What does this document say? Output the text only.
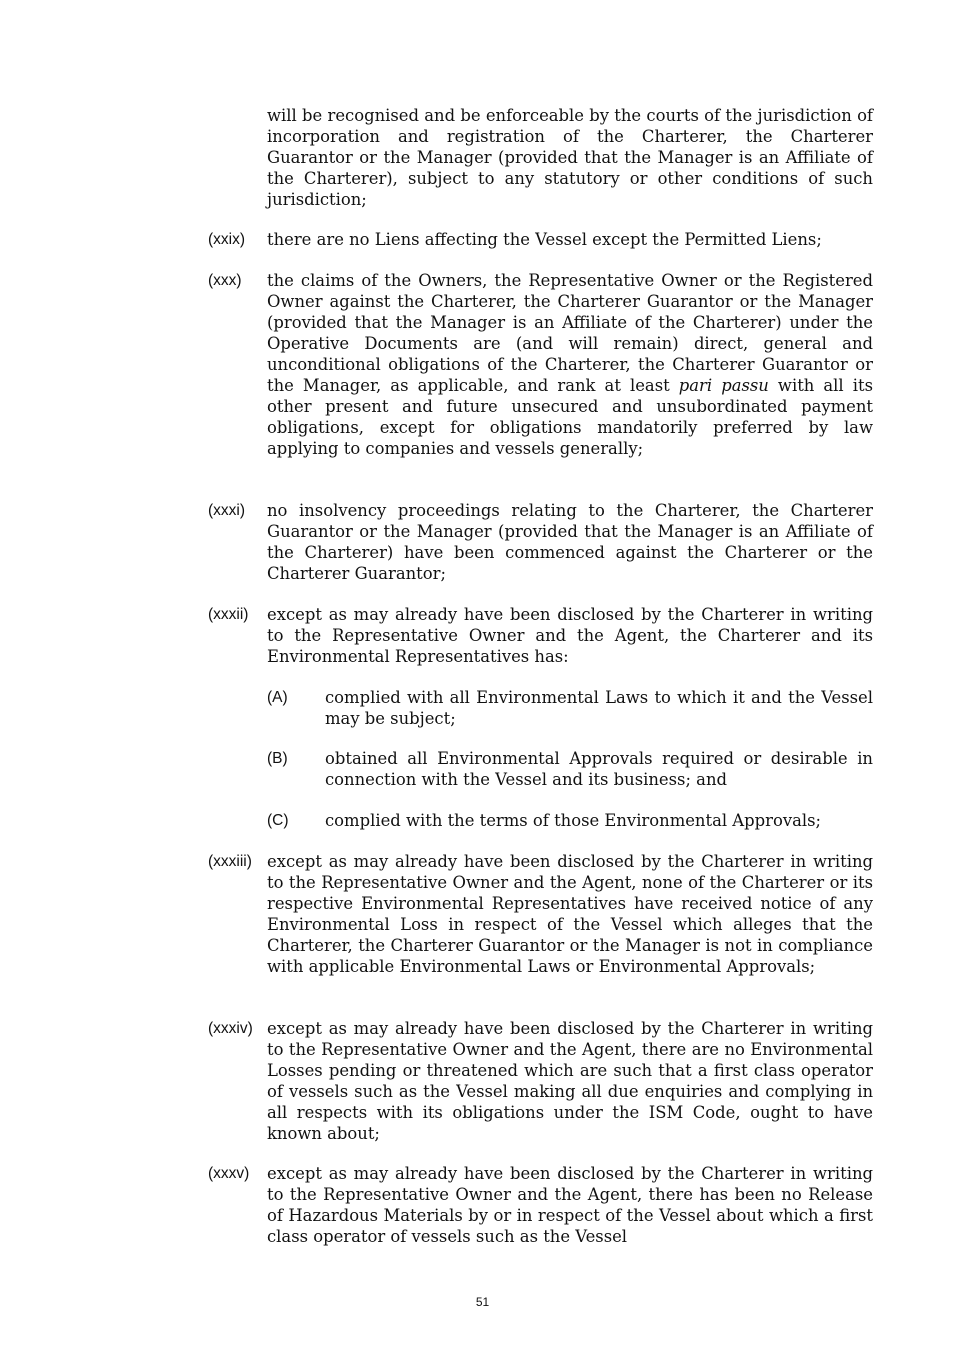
will be recognised and be enforceable by the courts of the jurisdiction of incorporation and registration of the Charterer, the Charterer Guarantor or the Manager (provided that the Manager is an Affiliate of the Charterer), subject to any statutory or other conditions of such jurisdiction;
(xxix) there are no Liens affecting the Vessel except the Permitted Liens;
(xxx) the claims of the Owners, the Representative Owner or the Registered Owner against the Charterer, the Charterer Guarantor or the Manager (provided that the Manager is an Affiliate of the Charterer) under the Operative Documents are (and will remain) direct, general and unconditional obligations of the Charterer, the Charterer Guarantor or the Manager, as applicable, and rank at least pari passu with all its other present and future unsecured and unsubordinated payment obligations, except for obligations mandatorily preferred by law applying to companies and vessels generally;
(xxxi) no insolvency proceedings relating to the Charterer, the Charterer Guarantor or the Manager (provided that the Manager is an Affiliate of the Charterer) have been commenced against the Charterer or the Charterer Guarantor;
(xxxii) except as may already have been disclosed by the Charterer in writing to the Representative Owner and the Agent, the Charterer and its Environmental Representatives has:
(A) complied with all Environmental Laws to which it and the Vessel may be subject;
(B) obtained all Environmental Approvals required or desirable in connection with the Vessel and its business; and
(C) complied with the terms of those Environmental Approvals;
(xxxiii) except as may already have been disclosed by the Charterer in writing to the Representative Owner and the Agent, none of the Charterer or its respective Environmental Representatives have received notice of any Environmental Loss in respect of the Vessel which alleges that the Charterer, the Charterer Guarantor or the Manager is not in compliance with applicable Environmental Laws or Environmental Approvals;
(xxxiv) except as may already have been disclosed by the Charterer in writing to the Representative Owner and the Agent, there are no Environmental Losses pending or threatened which are such that a first class operator of vessels such as the Vessel making all due enquiries and complying in all respects with its obligations under the ISM Code, ought to have known about;
(xxxv) except as may already have been disclosed by the Charterer in writing to the Representative Owner and the Agent, there has been no Release of Hazardous Materials by or in respect of the Vessel about which a first class operator of vessels such as the Vessel
51
